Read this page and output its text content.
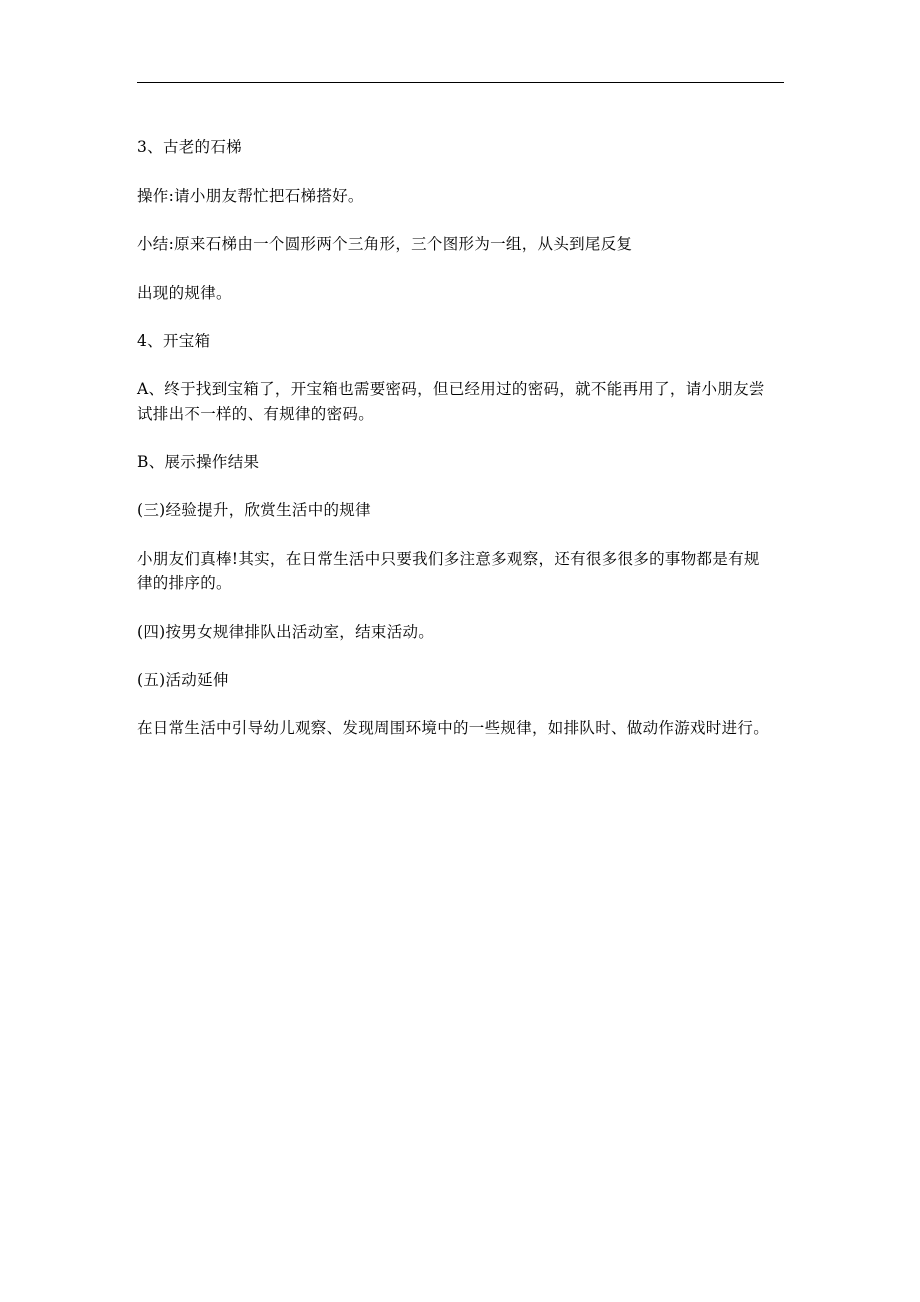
3、古老的石梯
操作:请小朋友帮忙把石梯搭好。
小结:原来石梯由一个圆形两个三角形，三个图形为一组，从头到尾反复
出现的规律。
4、开宝箱
A、终于找到宝箱了，开宝箱也需要密码，但已经用过的密码，就不能再用了，请小朋友尝
试排出不一样的、有规律的密码。
B、展示操作结果
(三)经验提升，欣赏生活中的规律
小朋友们真棒!其实，在日常生活中只要我们多注意多观察，还有很多很多的事物都是有规
律的排序的。
(四)按男女规律排队出活动室，结束活动。
(五)活动延伸
在日常生活中引导幼儿观察、发现周围环境中的一些规律，如排队时、做动作游戏时进行。
